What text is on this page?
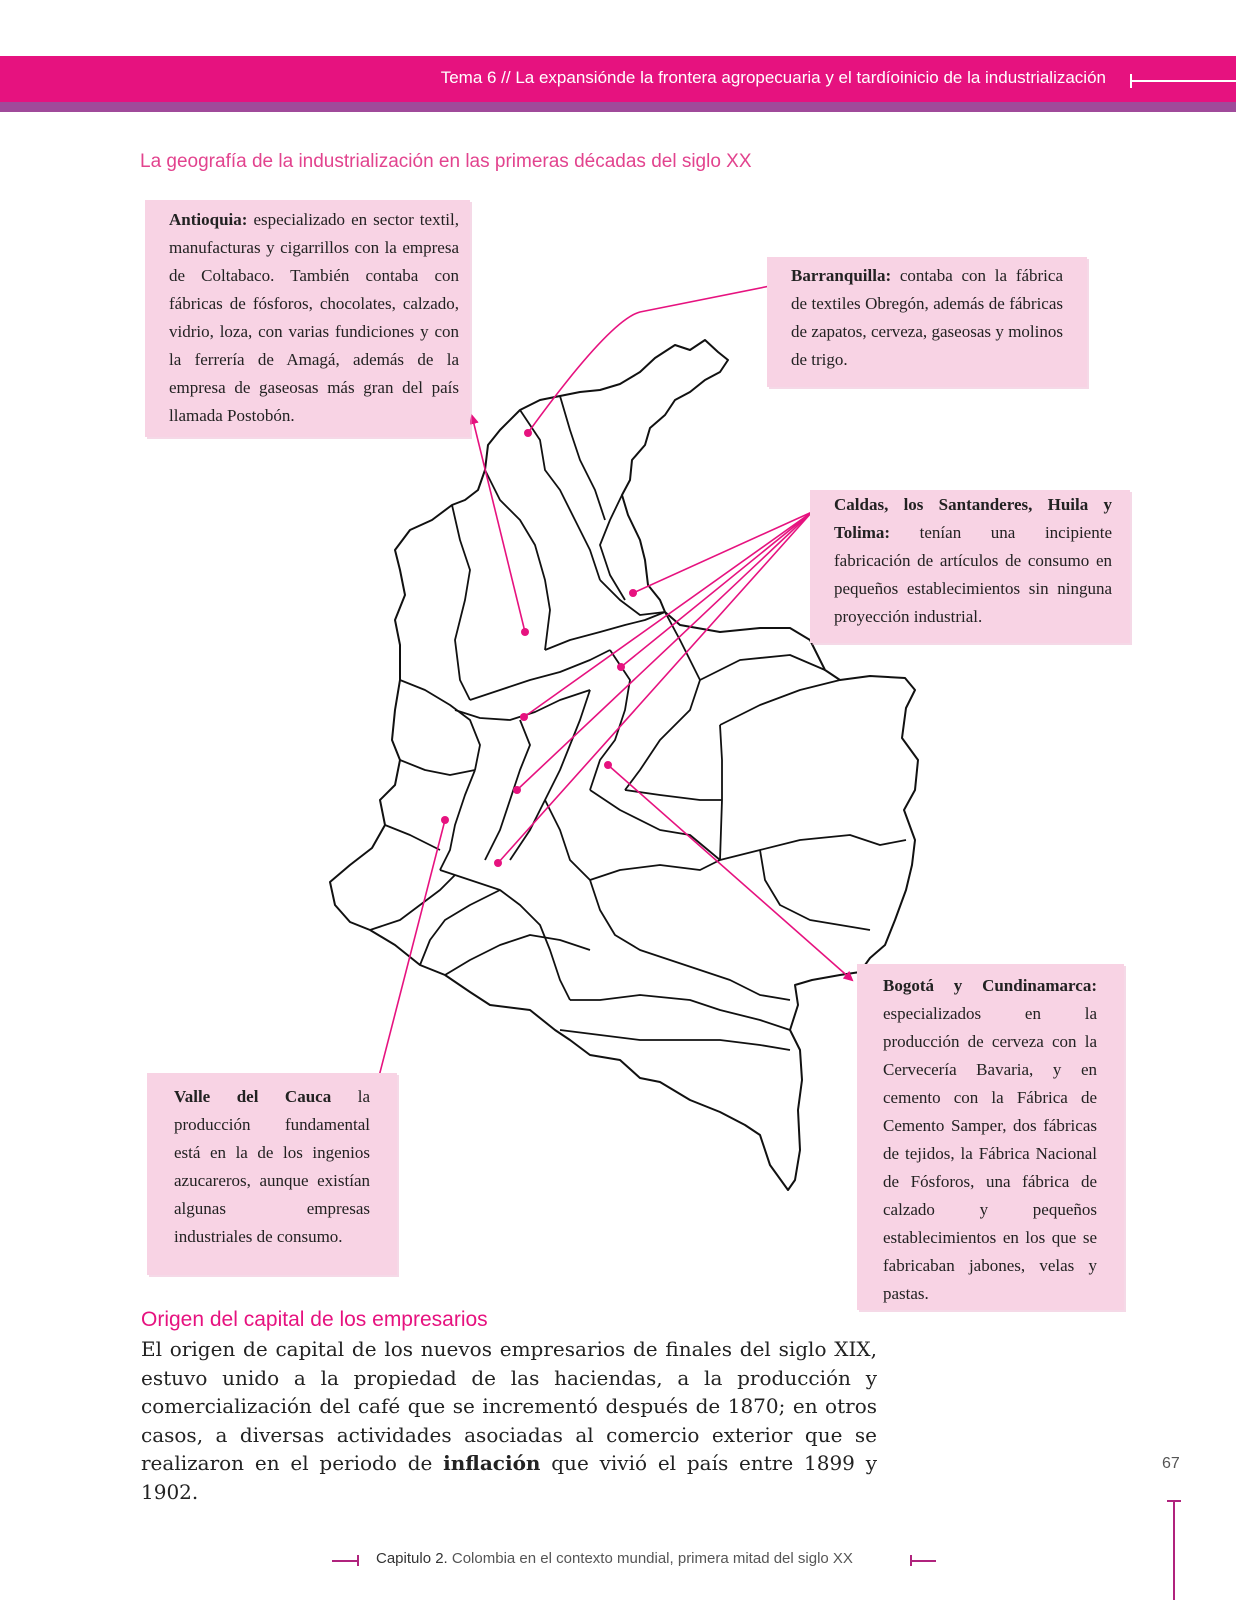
Tema 6 // La expansiónde la frontera agropecuaria y el tardíoinicio de la industrialización
La geografía de la industrialización en las primeras décadas del siglo XX

Antioquia: especializado en sector textil, manufacturas y cigarrillos con la empresa de Coltabaco. También contaba con fábricas de fósforos, chocolates, calzado, vidrio, loza, con varias fundiciones y con la ferrería de Amagá, además de la empresa de gaseosas más gran del país llamada Postobón.

Barranquilla: contaba con la fábrica de textiles Obregón, además de fábricas de zapatos, cerveza, gaseosas y molinos de trigo.

Caldas, los Santanderes, Huila y Tolima: tenían una incipiente fabricación de artículos de consumo en pequeños establecimientos sin ninguna proyección industrial.

Bogotá y Cundinamarca: especializados en la producción de cerveza con la Cervecería Bavaria, y en cemento con la Fábrica de Cemento Samper, dos fábricas de tejidos, la Fábrica Nacional de Fósforos, una fábrica de calzado y pequeños establecimientos en los que se fabricaban jabones, velas y pastas.

Valle del Cauca la producción fundamental está en la de los ingenios azucareros, aunque existían algunas empresas industriales de consumo.

Origen del capital de los empresarios
El origen de capital de los nuevos empresarios de finales del siglo XIX, estuvo unido a la propiedad de las haciendas, a la producción y comercialización del café que se incrementó después de 1870; en otros casos, a diversas actividades asociadas al comercio exterior que se realizaron en el periodo de inflación que vivió el país entre 1899 y 1902.
67
Capitulo 2. Colombia en el contexto mundial, primera mitad del siglo XX
